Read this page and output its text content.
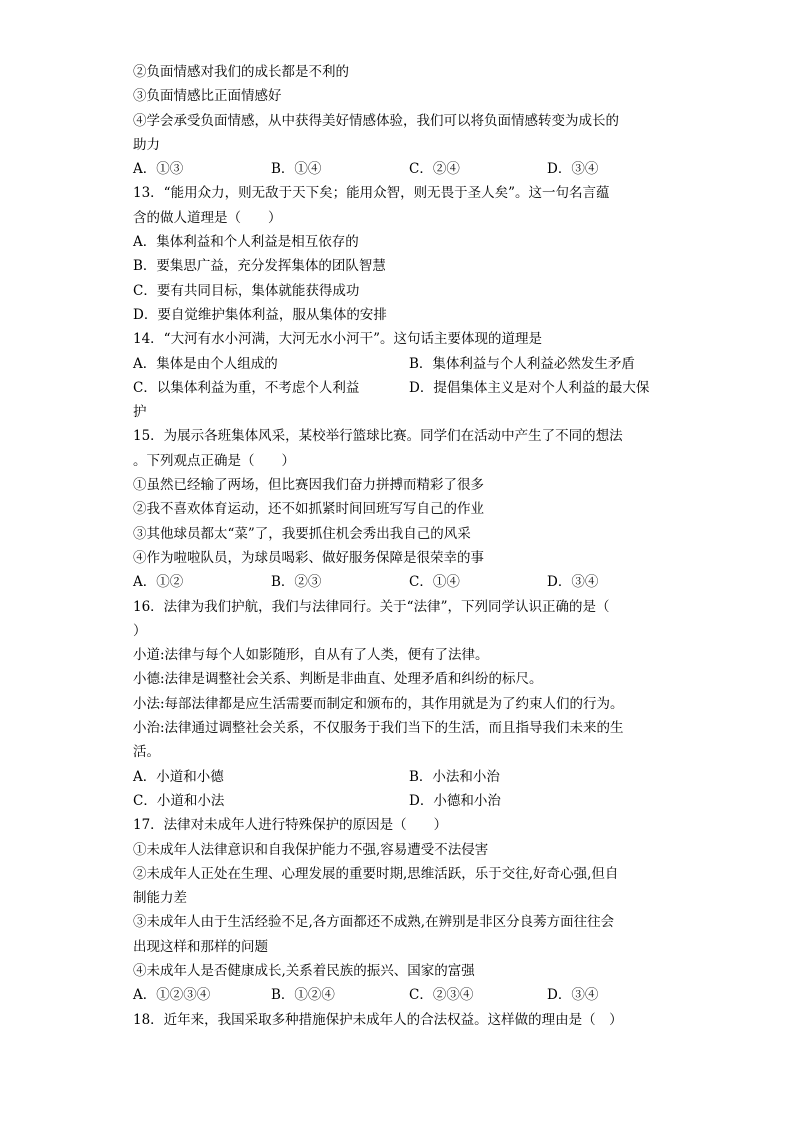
②负面情感对我们的成长都是不利的
③负面情感比正面情感好
④学会承受负面情感，从中获得美好情感体验，我们可以将负面情感转变为成长的
助力
A．①③	B．①④	C．②④	D．③④
13．“能用众力，则无敌于天下矣；能用众智，则无畏于圣人矣”。这一句名言蕴
含的做人道理是（　　）
A．集体利益和个人利益是相互依存的
B．要集思广益，充分发挥集体的团队智慧
C．要有共同目标，集体就能获得成功
D．要自觉维护集体利益，服从集体的安排
14．“大河有水小河满，大河无水小河干”。这句话主要体现的道理是
A．集体是由个人组成的	B．集体利益与个人利益必然发生矛盾
C．以集体利益为重，不考虑个人利益	D．提倡集体主义是对个人利益的最大保
护
15．为展示各班集体风采，某校举行篮球比赛。同学们在活动中产生了不同的想法
。下列观点正确是（　　）
①虽然已经输了两场，但比赛因我们奋力拼搏而精彩了很多
②我不喜欢体育运动，还不如抓紧时间回班写写自己的作业
③其他球员都太“菜”了，我要抓住机会秀出我自己的风采
④作为啦啦队员，为球员喝彩、做好服务保障是很荣幸的事
A．①②	B．②③	C．①④	D．③④
16．法律为我们护航，我们与法律同行。关于“法律”，下列同学认识正确的是（
）
小道:法律与每个人如影随形，自从有了人类，便有了法律。
小德:法律是调整社会关系、判断是非曲直、处理矛盾和纠纷的标尺。
小法:每部法律都是应生活需要而制定和颁布的，其作用就是为了约束人们的行为。
小治:法律通过调整社会关系，不仅服务于我们当下的生活，而且指导我们未来的生
活。
A．小道和小德	B．小法和小治
C．小道和小法	D．小德和小治
17．法律对未成年人进行特殊保护的原因是（　　）
①未成年人法律意识和自我保护能力不强,容易遭受不法侵害
②未成年人正处在生理、心理发展的重要时期,思维活跃，乐于交往,好奇心强,但自
制能力差
③未成年人由于生活经验不足,各方面都还不成熟,在辨别是非区分良莠方面往往会
出现这样和那样的问题
④未成年人是否健康成长,关系着民族的振兴、国家的富强
A．①②③④	B．①②④	C．②③④	D．③④
18．近年来，我国采取多种措施保护未成年人的合法权益。这样做的理由是（　）
